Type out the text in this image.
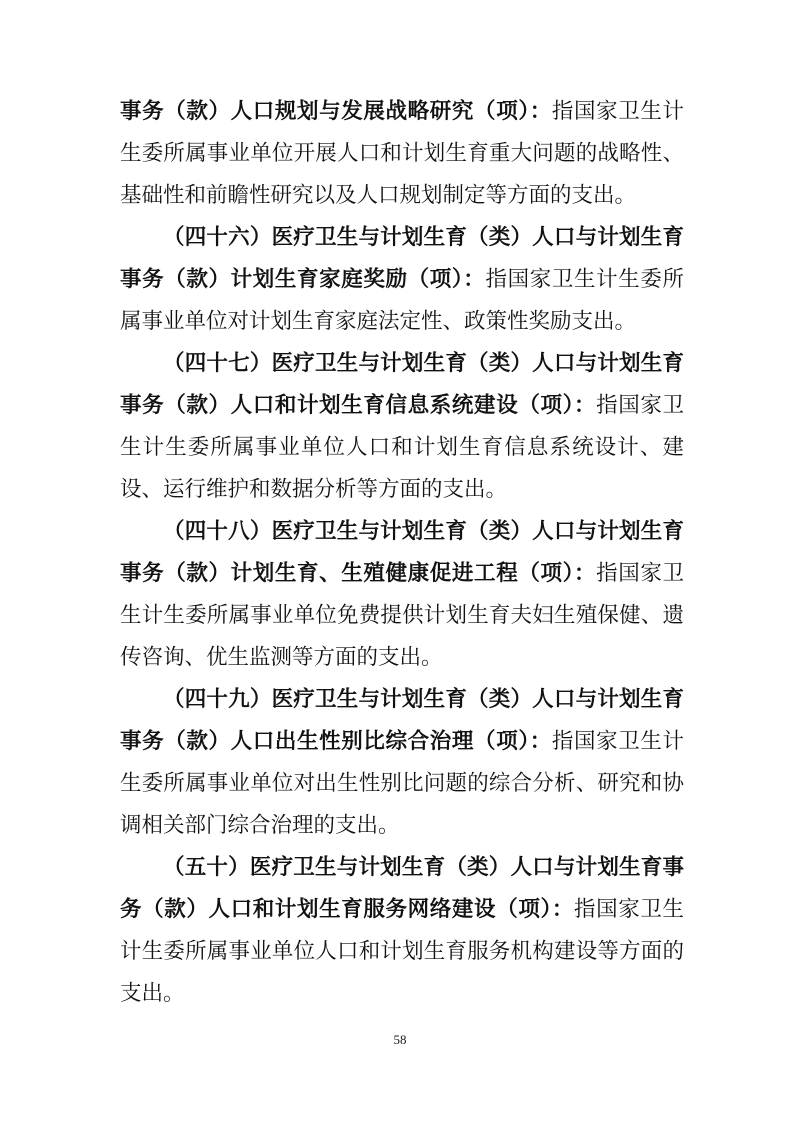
事务（款）人口规划与发展战略研究（项）：指国家卫生计生委所属事业单位开展人口和计划生育重大问题的战略性、基础性和前瞻性研究以及人口规划制定等方面的支出。

（四十六）医疗卫生与计划生育（类）人口与计划生育事务（款）计划生育家庭奖励（项）：指国家卫生计生委所属事业单位对计划生育家庭法定性、政策性奖励支出。

（四十七）医疗卫生与计划生育（类）人口与计划生育事务（款）人口和计划生育信息系统建设（项）：指国家卫生计生委所属事业单位人口和计划生育信息系统设计、建设、运行维护和数据分析等方面的支出。

（四十八）医疗卫生与计划生育（类）人口与计划生育事务（款）计划生育、生殖健康促进工程（项）：指国家卫生计生委所属事业单位免费提供计划生育夫妇生殖保健、遗传咨询、优生监测等方面的支出。

（四十九）医疗卫生与计划生育（类）人口与计划生育事务（款）人口出生性别比综合治理（项）：指国家卫生计生委所属事业单位对出生性别比问题的综合分析、研究和协调相关部门综合治理的支出。

（五十）医疗卫生与计划生育（类）人口与计划生育事务（款）人口和计划生育服务网络建设（项）：指国家卫生计生委所属事业单位人口和计划生育服务机构建设等方面的支出。

58
